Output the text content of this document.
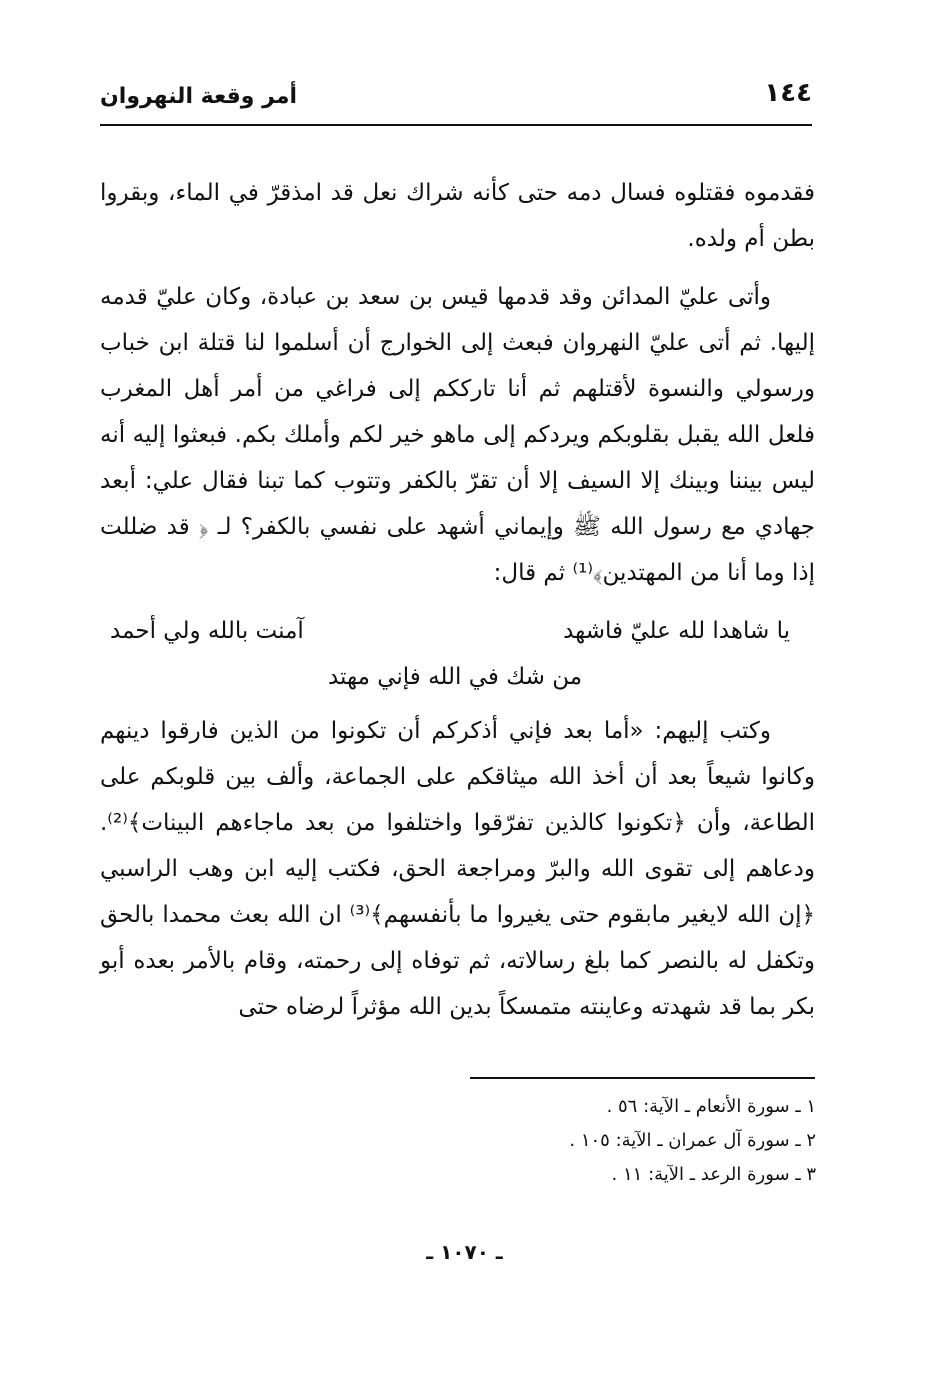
١٤٤
أمر وقعة النهروان

فقدموه فقتلوه فسال دمه حتى كأنه شراك نعل قد امذقرّ في الماء، وبقروا بطن أم ولده.

وأتى عليّ المدائن وقد قدمها قيس بن سعد بن عبادة، وكان عليّ قدمه إليها. ثم أتى عليّ النهروان فبعث إلى الخوارج أن أسلموا لنا قتلة ابن خباب ورسولي والنسوة لأقتلهم ثم أنا تارككم إلى فراغي من أمر أهل المغرب فلعل الله يقبل بقلوبكم ويردكم إلى ماهو خير لكم وأملك بكم. فبعثوا إليه أنه ليس بيننا وبينك إلا السيف إلا أن تقرّ بالكفر وتتوب كما تبنا فقال علي: أبعد جهادي مع رسول الله ﷺ وإيماني أشهد على نفسي بالكفر؟ لـ ﴿ قد ضللت إذا وما أنا من المهتدين﴾⁽¹⁾ ثم قال:

يا شاهدا لله عليّ فاشهد
آمنت بالله ولي أحمد
من شك في الله فإني مهتد

وكتب إليهم: «أما بعد فإني أذكركم أن تكونوا من الذين فارقوا دينهم وكانوا شيعاً بعد أن أخذ الله ميثاقكم على الجماعة، وألف بين قلوبكم على الطاعة، وأن ﴿تكونوا كالذين تفرّقوا واختلفوا من بعد ماجاءهم البينات﴾⁽²⁾. ودعاهم إلى تقوى الله والبرّ ومراجعة الحق، فكتب إليه ابن وهب الراسبي ﴿إن الله لايغير مابقوم حتى يغيروا ما بأنفسهم﴾⁽³⁾ ان الله بعث محمدا بالحق وتكفل له بالنصر كما بلغ رسالاته، ثم توفاه إلى رحمته، وقام بالأمر بعده أبو بكر بما قد شهدته وعاينته متمسكاً بدين الله مؤثراً لرضاه حتى

١ ـ سورة الأنعام ـ الآية: ٥٦ .
٢ ـ سورة آل عمران ـ الآية: ١٠٥ .
٣ ـ سورة الرعد ـ الآية: ١١ .
ـ ١٠٧٠ ـ
